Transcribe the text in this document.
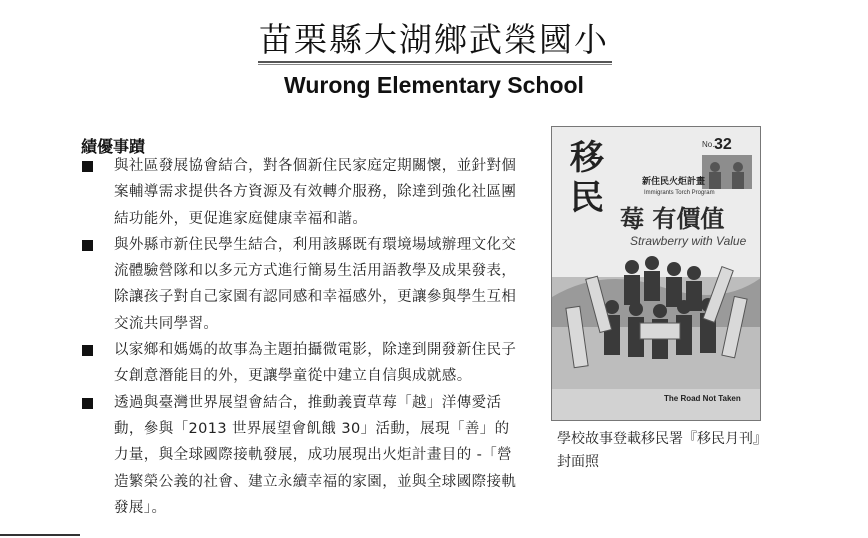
苗栗縣大湖鄉武榮國小
Wurong Elementary School
績優事蹟
與社區發展協會結合，對各個新住民家庭定期關懷，並針對個案輔導需求提供各方資源及有效轉介服務，除達到強化社區團結功能外，更促進家庭健康幸福和諧。
與外縣市新住民學生結合，利用該縣既有環境場域辦理文化交流體驗營隊和以多元方式進行簡易生活用語教學及成果發表，除讓孩子對自己家園有認同感和幸福感外，更讓參與學生互相交流共同學習。
以家鄉和媽媽的故事為主題拍攝微電影，除達到開發新住民子女創意潛能目的外，更讓學童從中建立自信與成就感。
透過與臺灣世界展望會結合，推動義賣草莓「越」洋傳愛活動，參與「2013 世界展望會飢餓 30」活動，展現「善」的力量，與全球國際接軌發展，成功展現出火炬計畫目的 -「營造繁榮公義的社會、建立永續幸福的家園，並與全球國際接軌發展」。
移
民
No. 32
新住民火炬計畫
Immigrants Torch Program
莓 有價值
Strawberry with Value
The Road Not Taken
學校故事登載移民署『移民月刊』封面照
